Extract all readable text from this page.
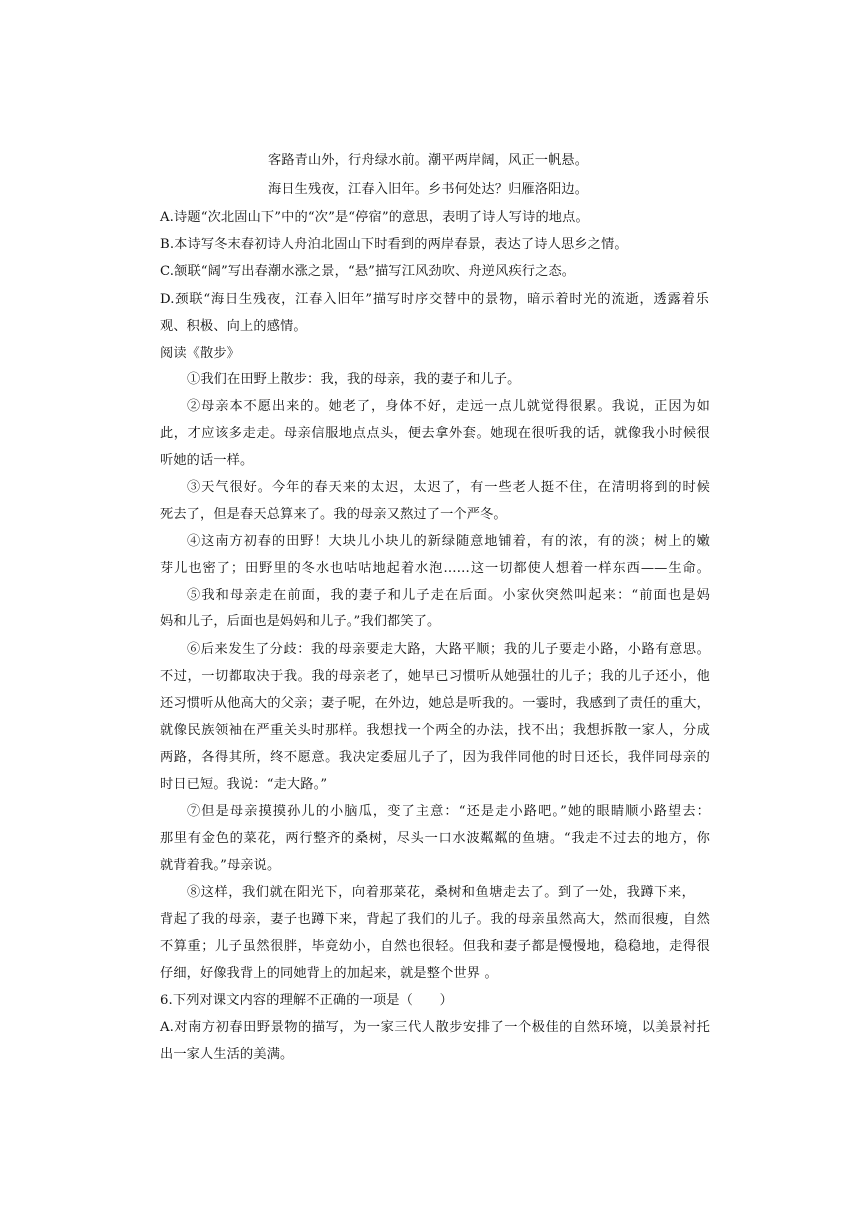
客路青山外，行舟绿水前。潮平两岸阔，风正一帆悬。
海日生残夜，江春入旧年。乡书何处达？归雁洛阳边。
A.诗题“次北固山下”中的“次”是“停宿”的意思，表明了诗人写诗的地点。
B.本诗写冬末春初诗人舟泊北固山下时看到的两岸春景，表达了诗人思乡之情。
C.颔联“阔”写出春潮水涨之景，“悬”描写江风劲吹、舟逆风疾行之态。
D.颈联“海日生残夜，江春入旧年”描写时序交替中的景物，暗示着时光的流逝，透露着乐
观、积极、向上的感情。
阅读《散步》
①我们在田野上散步：我，我的母亲，我的妻子和儿子。
②母亲本不愿出来的。她老了，身体不好，走远一点儿就觉得很累。我说，正因为如
此，才应该多走走。母亲信服地点点头，便去拿外套。她现在很听我的话，就像我小时候很
听她的话一样。
③天气很好。今年的春天来的太迟，太迟了，有一些老人挺不住，在清明将到的时候
死去了，但是春天总算来了。我的母亲又熬过了一个严冬。
④这南方初春的田野！大块儿小块儿的新绿随意地铺着，有的浓，有的淡；树上的嫩
芽儿也密了；田野里的冬水也咕咕地起着水泡……这一切都使人想着一样东西——生命。
⑤我和母亲走在前面，我的妻子和儿子走在后面。小家伙突然叫起来：“前面也是妈
妈和儿子，后面也是妈妈和儿子。”我们都笑了。
⑥后来发生了分歧：我的母亲要走大路，大路平顺；我的儿子要走小路，小路有意思。
不过，一切都取决于我。我的母亲老了，她早已习惯听从她强壮的儿子；我的儿子还小，他
还习惯听从他高大的父亲；妻子呢，在外边，她总是听我的。一霎时，我感到了责任的重大，
就像民族领袖在严重关头时那样。我想找一个两全的办法，找不出；我想拆散一家人，分成
两路，各得其所，终不愿意。我决定委屈儿子了，因为我伴同他的时日还长，我伴同母亲的
时日已短。我说：“走大路。”
⑦但是母亲摸摸孙儿的小脑瓜，变了主意：“还是走小路吧。”她的眼睛顺小路望去：
那里有金色的菜花，两行整齐的桑树，尽头一口水波粼粼的鱼塘。“我走不过去的地方，你
就背着我。”母亲说。
⑧这样，我们就在阳光下，向着那菜花，桑树和鱼塘走去了。到了一处，我蹲下来，
背起了我的母亲，妻子也蹲下来，背起了我们的儿子。我的母亲虽然高大，然而很瘦，自然
不算重；儿子虽然很胖，毕竟幼小，自然也很轻。但我和妻子都是慢慢地，稳稳地，走得很
仔细，好像我背上的同她背上的加起来，就是整个世界 。
6.下列对课文内容的理解不正确的一项是（　　）
A.对南方初春田野景物的描写，为一家三代人散步安排了一个极佳的自然环境，以美景衬托
出一家人生活的美满。
